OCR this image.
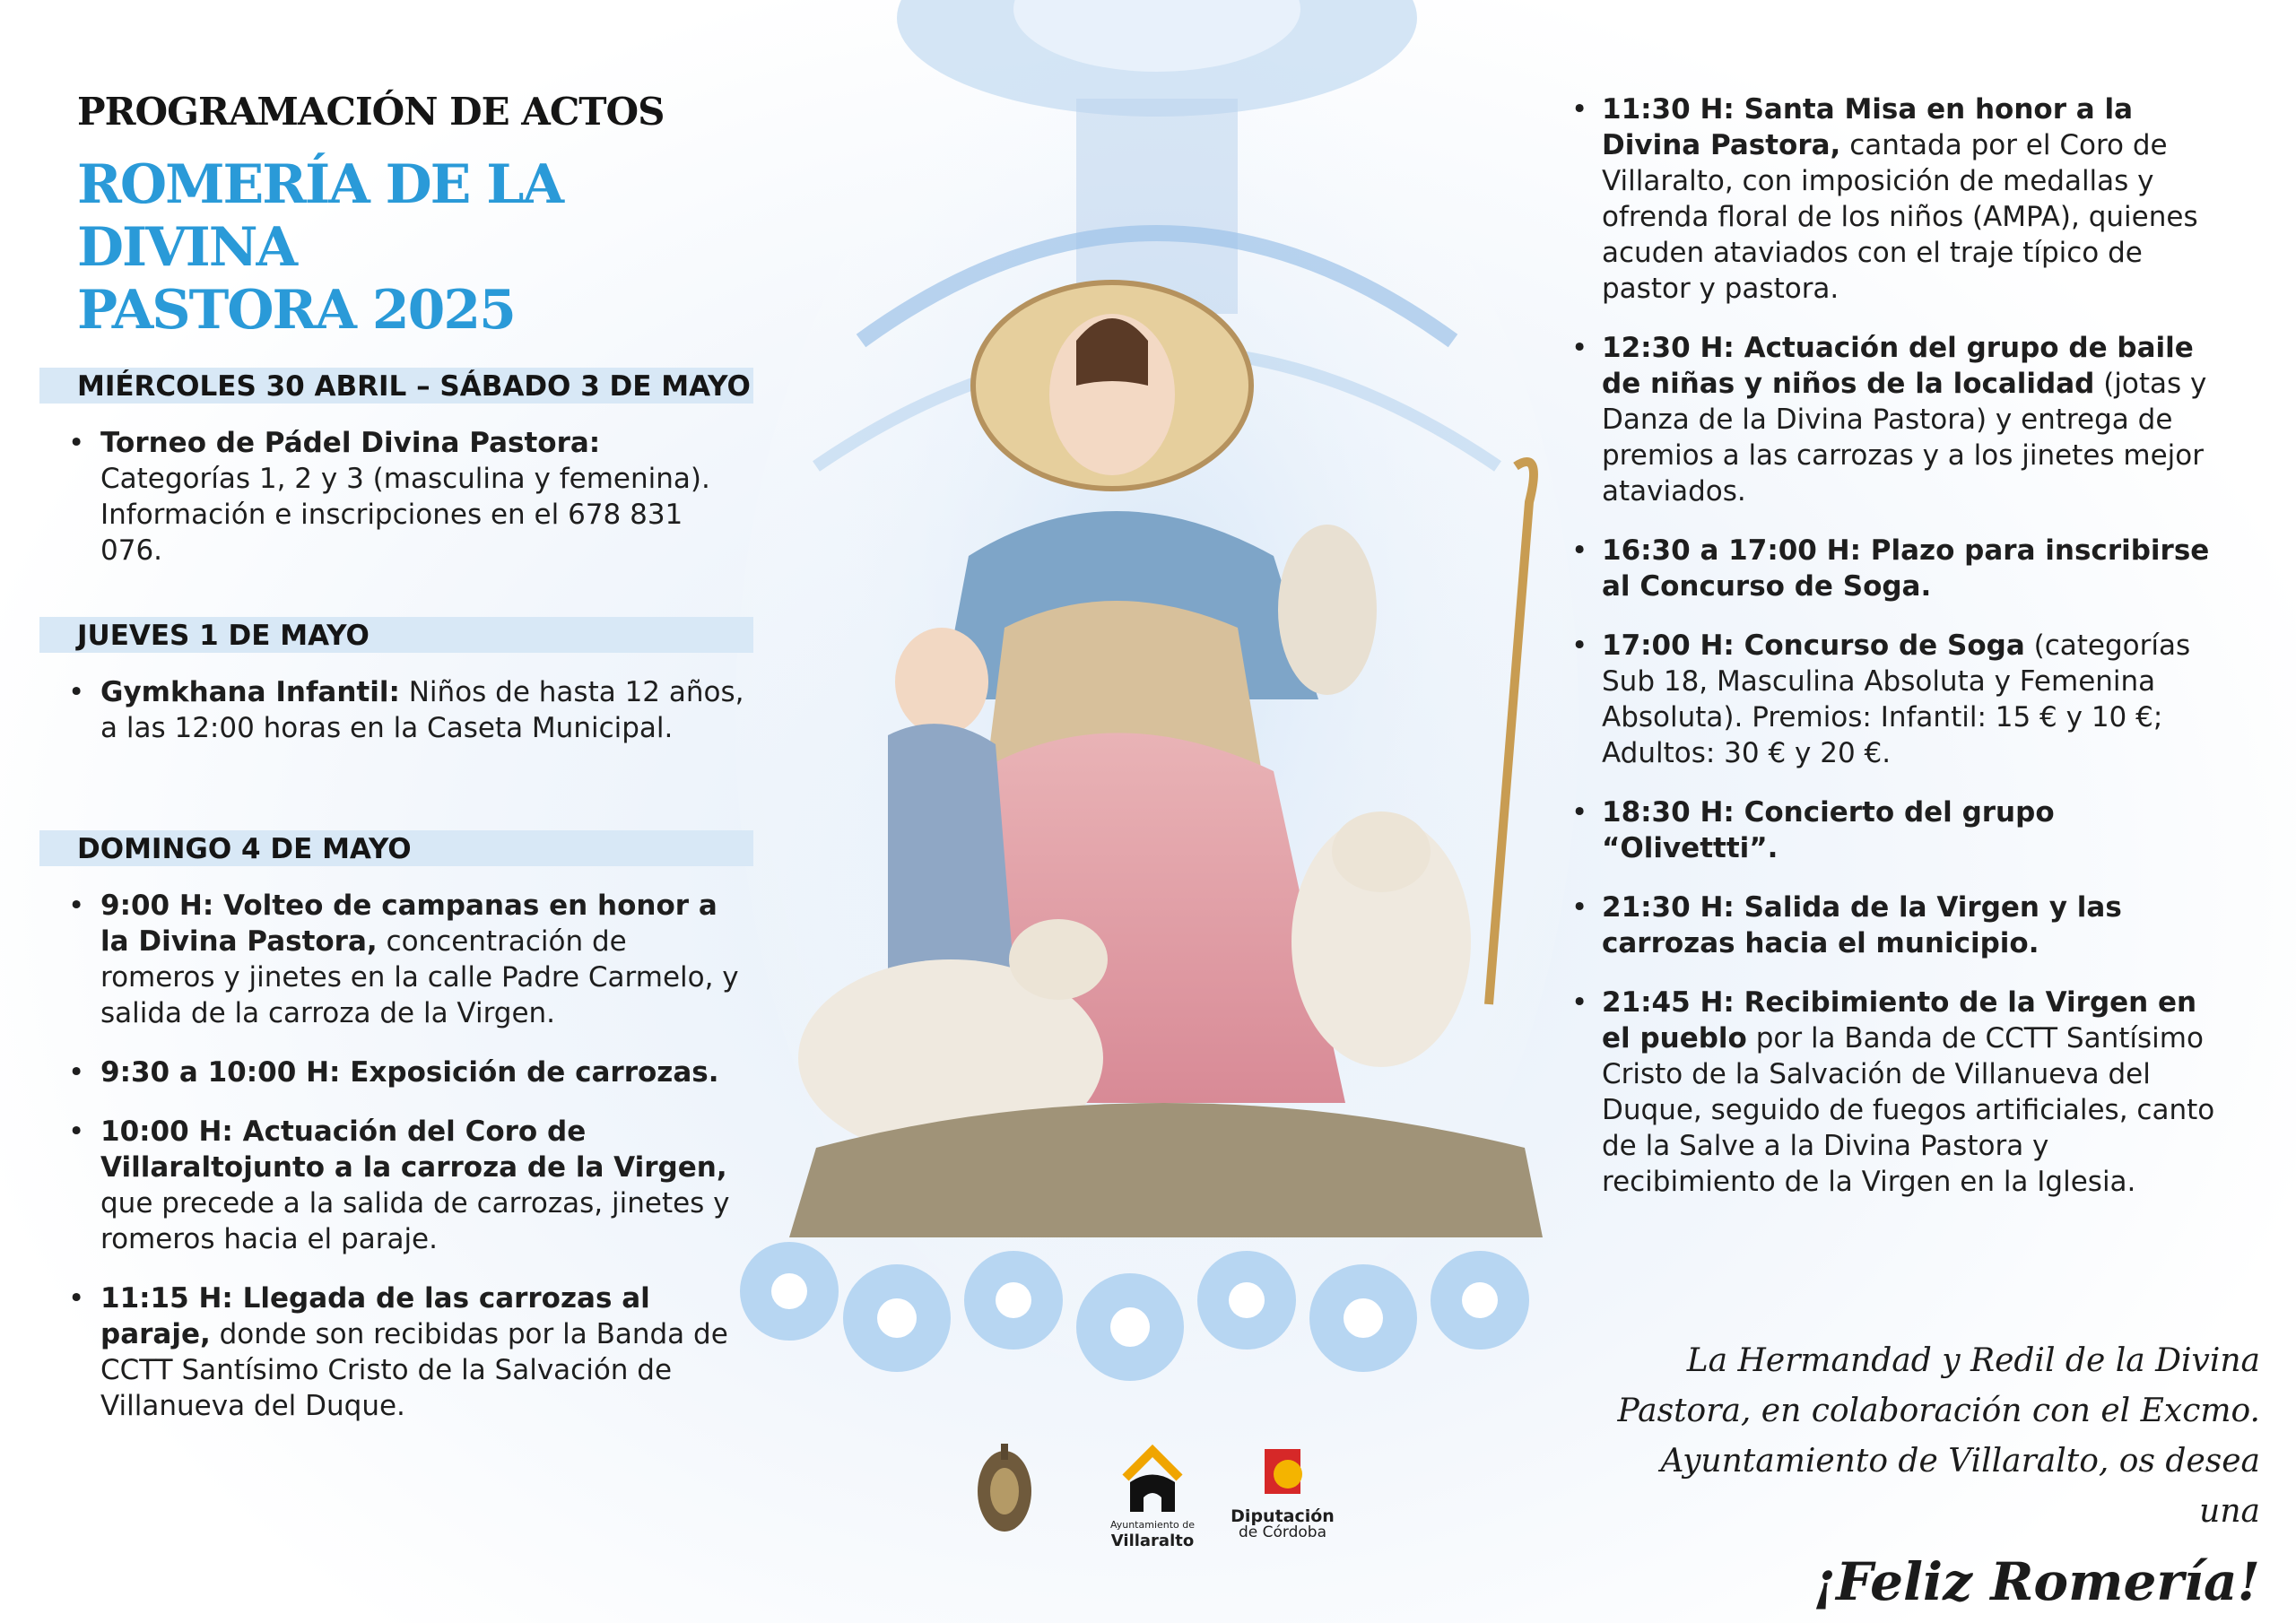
PROGRAMACIÓN DE ACTOS
ROMERÍA DE LA DIVINA
PASTORA 2025
MIÉRCOLES 30 ABRIL – SÁBADO 3 DE MAYO
• Torneo de Pádel Divina Pastora: Categorías 1, 2 y 3 (masculina y femenina). Información e inscripciones en el 678 831 076.
JUEVES 1 DE MAYO
• Gymkhana Infantil: Niños de hasta 12 años, a las 12:00 horas en la Caseta Municipal.
DOMINGO 4 DE MAYO
• 9:00 H: Volteo de campanas en honor a la Divina Pastora, concentración de romeros y jinetes en la calle Padre Carmelo, y salida de la carroza de la Virgen.
• 9:30 a 10:00 H: Exposición de carrozas.
• 10:00 H: Actuación del Coro de Villaraltojunto a la carroza de la Virgen, que precede a la salida de carrozas, jinetes y romeros hacia el paraje.
• 11:15 H: Llegada de las carrozas al paraje, donde son recibidas por la Banda de CCTT Santísimo Cristo de la Salvación de Villanueva del Duque.
• 11:30 H: Santa Misa en honor a la Divina Pastora, cantada por el Coro de Villaralto, con imposición de medallas y ofrenda floral de los niños (AMPA), quienes acuden ataviados con el traje típico de pastor y pastora.
• 12:30 H: Actuación del grupo de baile de niñas y niños de la localidad (jotas y Danza de la Divina Pastora) y entrega de premios a las carrozas y a los jinetes mejor ataviados.
• 16:30 a 17:00 H: Plazo para inscribirse al Concurso de Soga.
• 17:00 H: Concurso de Soga (categorías Sub 18, Masculina Absoluta y Femenina Absoluta). Premios: Infantil: 15 € y 10 €; Adultos: 30 € y 20 €.
• 18:30 H: Concierto del grupo “Olivettti”.
• 21:30 H: Salida de la Virgen y las carrozas hacia el municipio.
• 21:45 H: Recibimiento de la Virgen en el pueblo por la Banda de CCTT Santísimo Cristo de la Salvación de Villanueva del Duque, seguido de fuegos artificiales, canto de la Salve a la Divina Pastora y recibimiento de la Virgen en la Iglesia.
La Hermandad y Redil de la Divina
Pastora, en colaboración con el Excmo.
Ayuntamiento de Villaralto, os desea una
¡Feliz Romería!
Ayuntamiento de
Villaralto
Diputación
de Córdoba
